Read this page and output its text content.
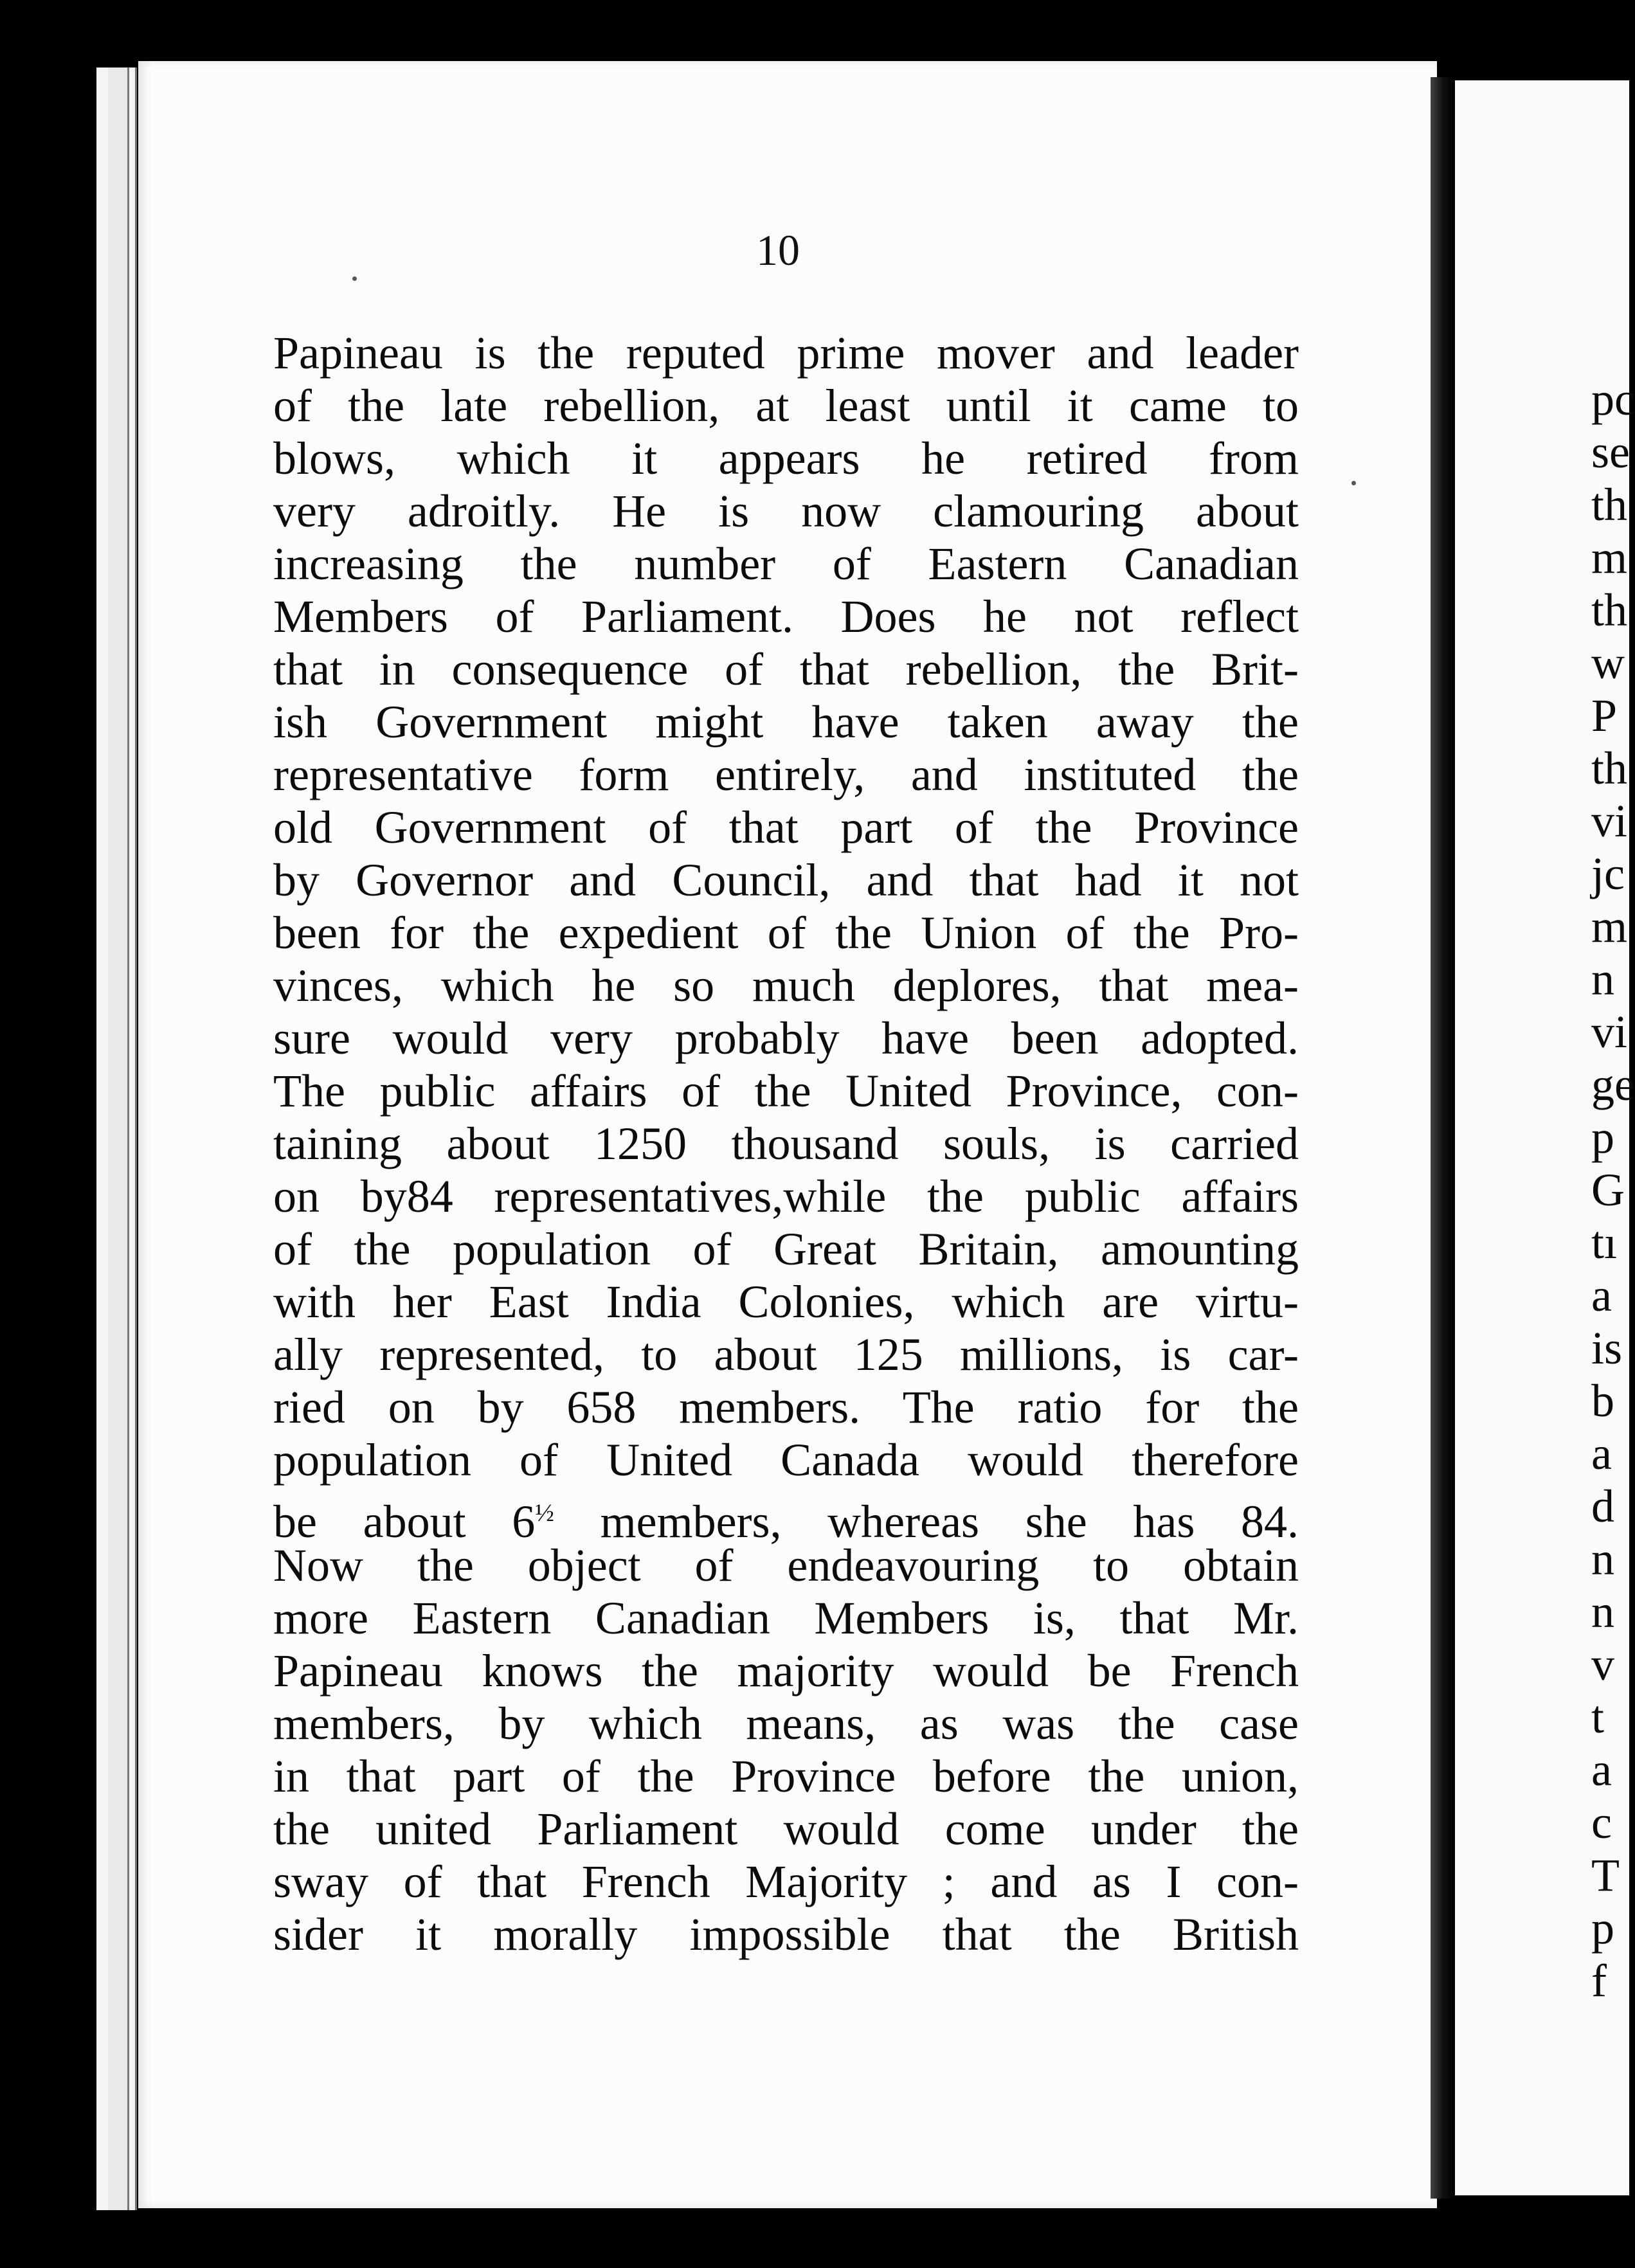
10
Papineau is the reputed prime mover and leader
of the late rebellion, at least until it came to
blows, which it appears he retired from
very adroitly. He is now clamouring about
increasing the number of Eastern Canadian
Members of Parliament. Does he not reflect
that in consequence of that rebellion, the Brit-
ish Government might have taken away the
representative form entirely, and instituted the
old Government of that part of the Province
by Governor and Council, and that had it not
been for the expedient of the Union of the Pro-
vinces, which he so much deplores, that mea-
sure would very probably have been adopted.
The public affairs of the United Province, con-
taining about 1250 thousand souls, is carried
on by84 representatives,while the public affairs
of the population of Great Britain, amounting
with her East India Colonies, which are virtu-
ally represented, to about 125 millions, is car-
ried on by 658 members. The ratio for the
population of United Canada would therefore
be about $6^{\frac{1}{2}}$ members, whereas she has 84.
Now the object of endeavouring to obtain
more Eastern Canadian Members is, that Mr.
Papineau knows the majority would be French
members, by which means, as was the case
in that part of the Province before the union,
the united Parliament would come under the
sway of that French Majority ; and as I con-
sider it morally impossible that the British
pc
se
th
m
th
w
P
th
vi
jc
m
n
vi
ge
p
G
tı
a
is
b
a
d
n
n
v
t
a
c
T
p
f
